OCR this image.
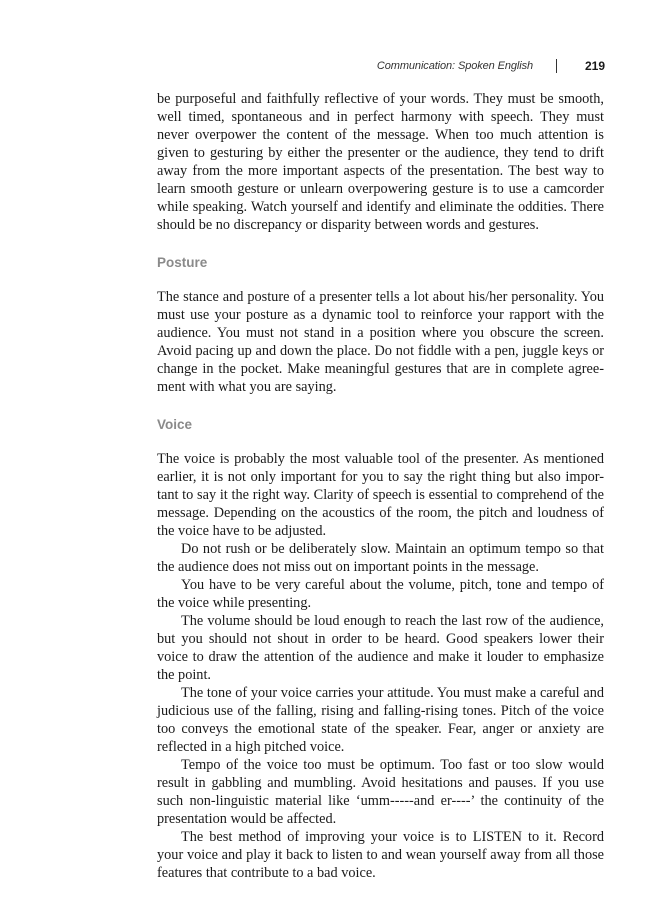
Communication: Spoken English	219

be purposeful and faithfully reflective of your words. They must be smooth, well timed, spontaneous and in perfect harmony with speech. They must never overpower the content of the message. When too much attention is given to gesturing by either the presenter or the audience, they tend to drift away from the more important aspects of the presentation. The best way to learn smooth gesture or unlearn overpowering gesture is to use a camcorder while speaking. Watch yourself and identify and eliminate the oddities. There should be no discrepancy or disparity between words and gestures.

Posture

The stance and posture of a presenter tells a lot about his/her personality. You must use your posture as a dynamic tool to reinforce your rapport with the audience. You must not stand in a position where you obscure the screen. Avoid pacing up and down the place. Do not fiddle with a pen, juggle keys or change in the pocket. Make meaningful gestures that are in complete agree-ment with what you are saying.

Voice

The voice is probably the most valuable tool of the presenter. As mentioned earlier, it is not only important for you to say the right thing but also impor-tant to say it the right way. Clarity of speech is essential to comprehend of the message. Depending on the acoustics of the room, the pitch and loudness of the voice have to be adjusted.

Do not rush or be deliberately slow. Maintain an optimum tempo so that the audience does not miss out on important points in the message.

You have to be very careful about the volume, pitch, tone and tempo of the voice while presenting.

The volume should be loud enough to reach the last row of the audience, but you should not shout in order to be heard. Good speakers lower their voice to draw the attention of the audience and make it louder to emphasize the point.

The tone of your voice carries your attitude. You must make a careful and judicious use of the falling, rising and falling-rising tones. Pitch of the voice too conveys the emotional state of the speaker. Fear, anger or anxiety are reflected in a high pitched voice.

Tempo of the voice too must be optimum. Too fast or too slow would result in gabbling and mumbling. Avoid hesitations and pauses. If you use such non-linguistic material like ‘umm-----and er----’ the continuity of the presentation would be affected.

The best method of improving your voice is to LISTEN to it. Record your voice and play it back to listen to and wean yourself away from all those features that contribute to a bad voice.
